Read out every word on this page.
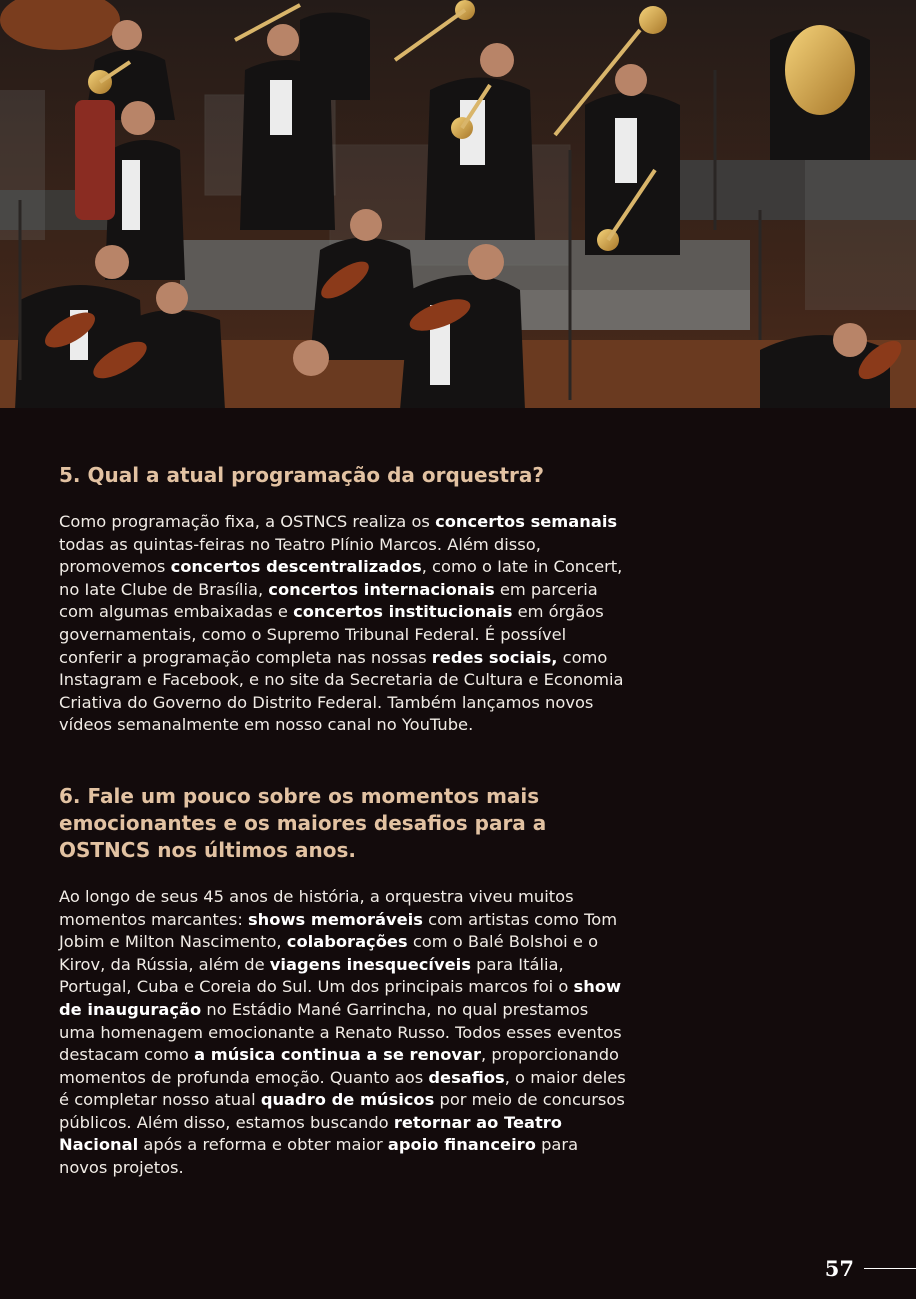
5. Qual a atual programação da orquestra?

Como programação fixa, a OSTNCS realiza os concertos semanais todas as quintas-feiras no Teatro Plínio Marcos. Além disso, promovemos concertos descentralizados, como o Iate in Concert, no Iate Clube de Brasília, concertos internacionais em parceria com algumas embaixadas e concertos institucionais em órgãos governamentais, como o Supremo Tribunal Federal. É possível conferir a programação completa nas nossas redes sociais, como Instagram e Facebook, e no site da Secretaria de Cultura e Economia Criativa do Governo do Distrito Federal. Também lançamos novos vídeos semanalmente em nosso canal no YouTube.

6. Fale um pouco sobre os momentos mais emocionantes e os maiores desafios para a OSTNCS nos últimos anos.

Ao longo de seus 45 anos de história, a orquestra viveu muitos momentos marcantes: shows memoráveis com artistas como Tom Jobim e Milton Nascimento, colaborações com o Balé Bolshoi e o Kirov, da Rússia, além de viagens inesquecíveis para Itália, Portugal, Cuba e Coreia do Sul. Um dos principais marcos foi o show de inauguração no Estádio Mané Garrincha, no qual prestamos uma homenagem emocionante a Renato Russo. Todos esses eventos destacam como a música continua a se renovar, proporcionando momentos de profunda emoção. Quanto aos desafios, o maior deles é completar nosso atual quadro de músicos por meio de concursos públicos. Além disso, estamos buscando retornar ao Teatro Nacional após a reforma e obter maior apoio financeiro para novos projetos.

57
